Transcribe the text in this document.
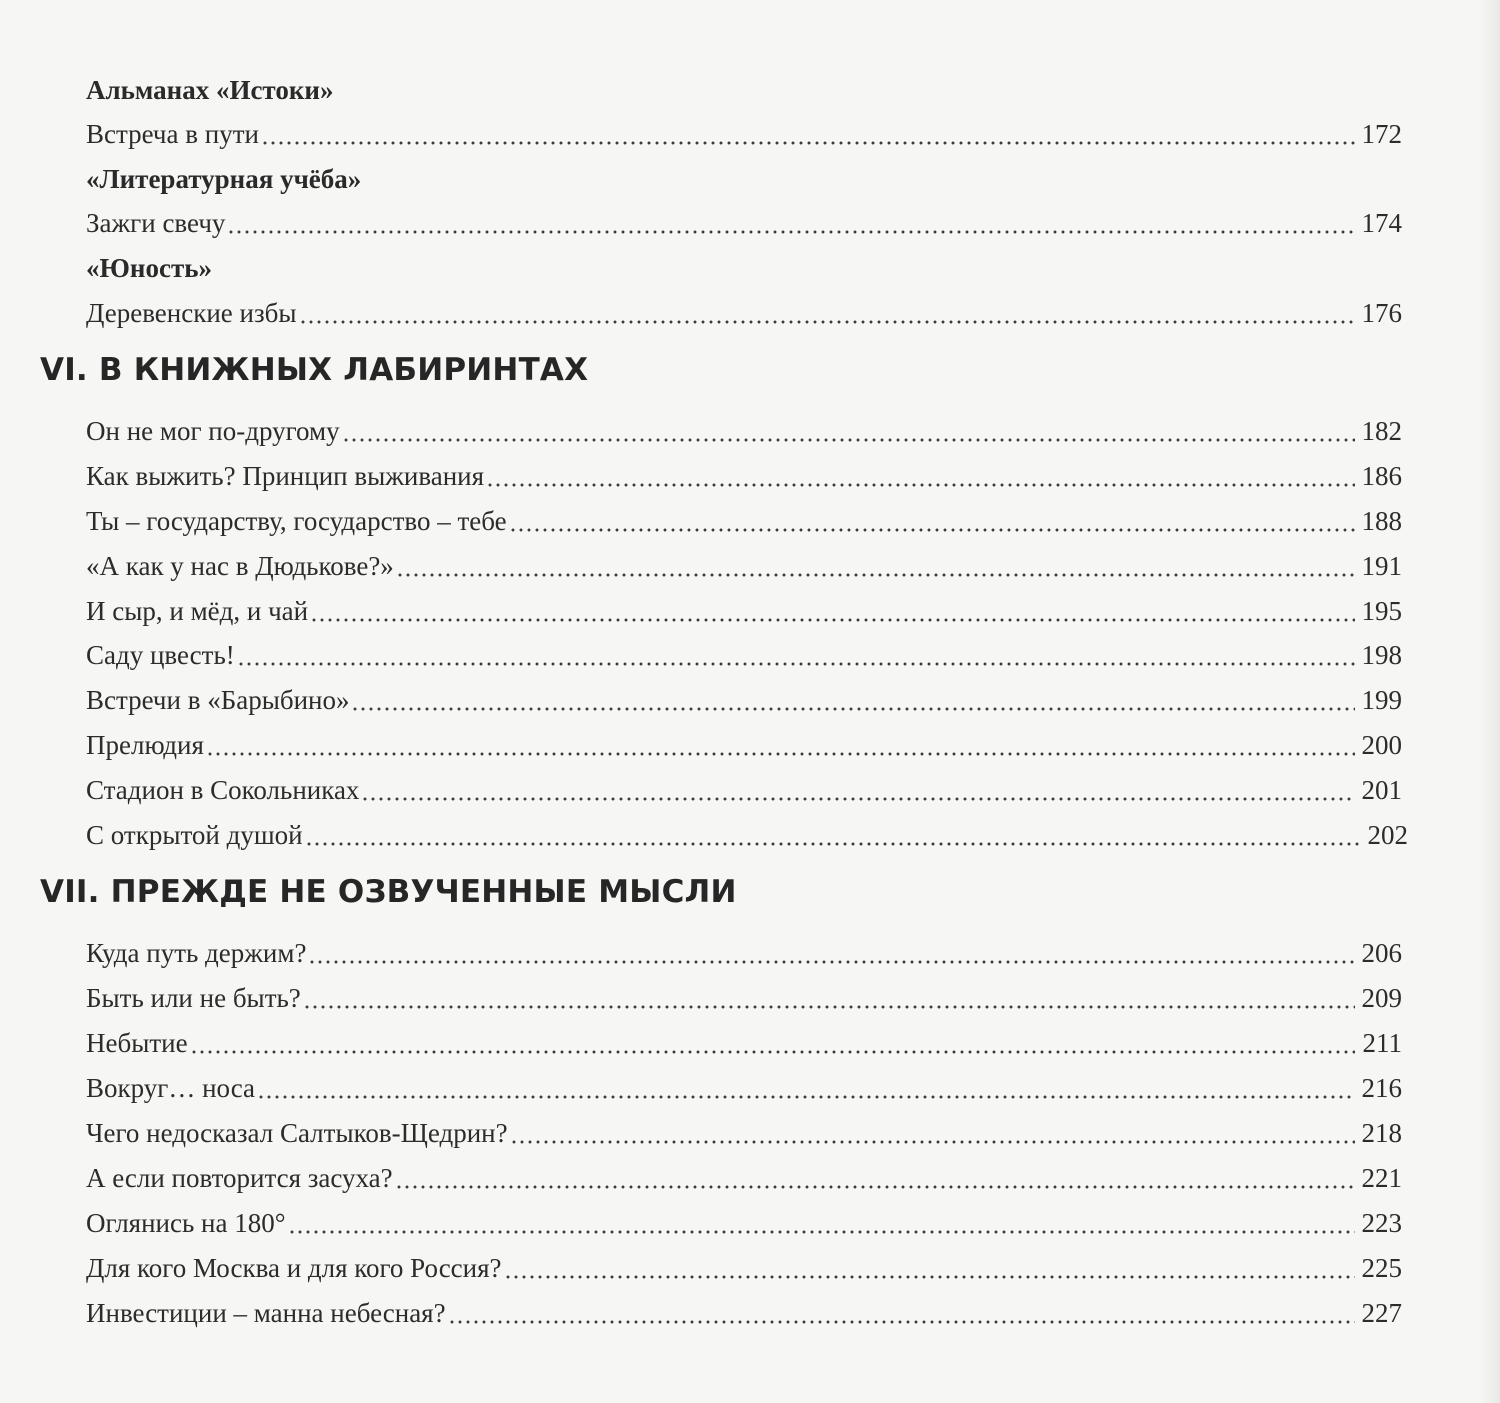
Альманах «Истоки»
Встреча в пути	172
«Литературная учёба»
Зажги свечу	174
«Юность»
Деревенские избы	176
VI. В КНИЖНЫХ ЛАБИРИНТАХ
Он не мог по-другому	182
Как выжить? Принцип выживания	186
Ты – государству, государство – тебе	188
«А как у нас в Дюдькове?»	191
И сыр, и мёд, и чай	195
Саду цвесть!	198
Встречи в «Барыбино»	199
Прелюдия	200
Стадион в Сокольниках	201
С открытой душой	202
VII. ПРЕЖДЕ НЕ ОЗВУЧЕННЫЕ МЫСЛИ
Куда путь держим?	206
Быть или не быть?	209
Небытие	211
Вокруг… носа	216
Чего недосказал Салтыков-Щедрин?	218
А если повторится засуха?	221
Оглянись на 180°	223
Для кого Москва и для кого Россия?	225
Инвестиции – манна небесная?	227
